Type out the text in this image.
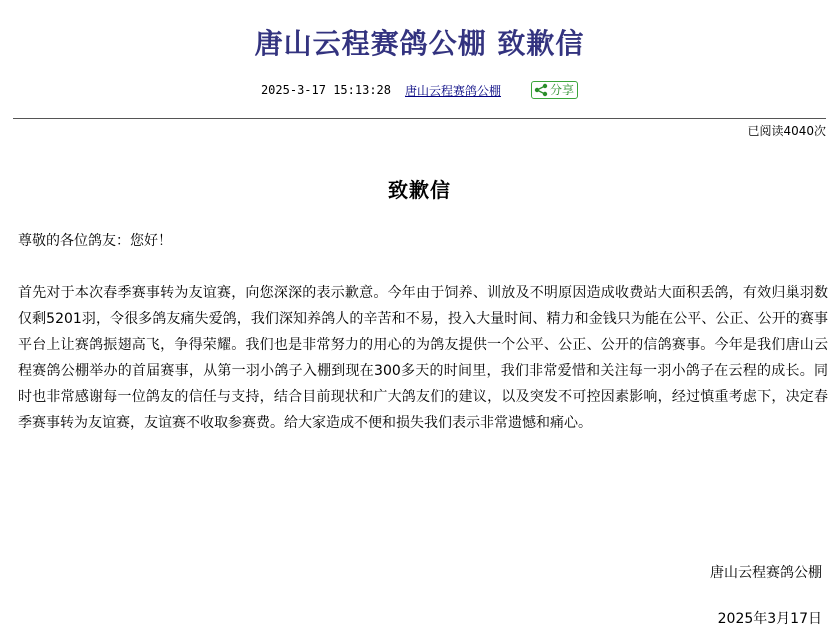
唐山云程赛鸽公棚 致歉信
2025-3-17 15:13:28 唐山云程赛鸽公棚	分享
已阅读4040次
致歉信
尊敬的各位鸽友：您好！

首先对于本次春季赛事转为友谊赛，向您深深的表示歉意。今年由于饲养、训放及不明原因造成收费站大面积丢鸽，有效归巢羽数仅剩5201羽，令很多鸽友痛失爱鸽，我们深知养鸽人的辛苦和不易，投入大量时间、精力和金钱只为能在公平、公正、公开的赛事平台上让赛鸽振翅高飞，争得荣耀。我们也是非常努力的用心的为鸽友提供一个公平、公正、公开的信鸽赛事。今年是我们唐山云程赛鸽公棚举办的首届赛事，从第一羽小鸽子入棚到现在300多天的时间里，我们非常爱惜和关注每一羽小鸽子在云程的成长。同时也非常感谢每一位鸽友的信任与支持，结合目前现状和广大鸽友们的建议，以及突发不可控因素影响，经过慎重考虑下，决定春季赛事转为友谊赛，友谊赛不收取参赛费。给大家造成不便和损失我们表示非常遗憾和痛心。

唐山云程赛鸽公棚
2025年3月17日
